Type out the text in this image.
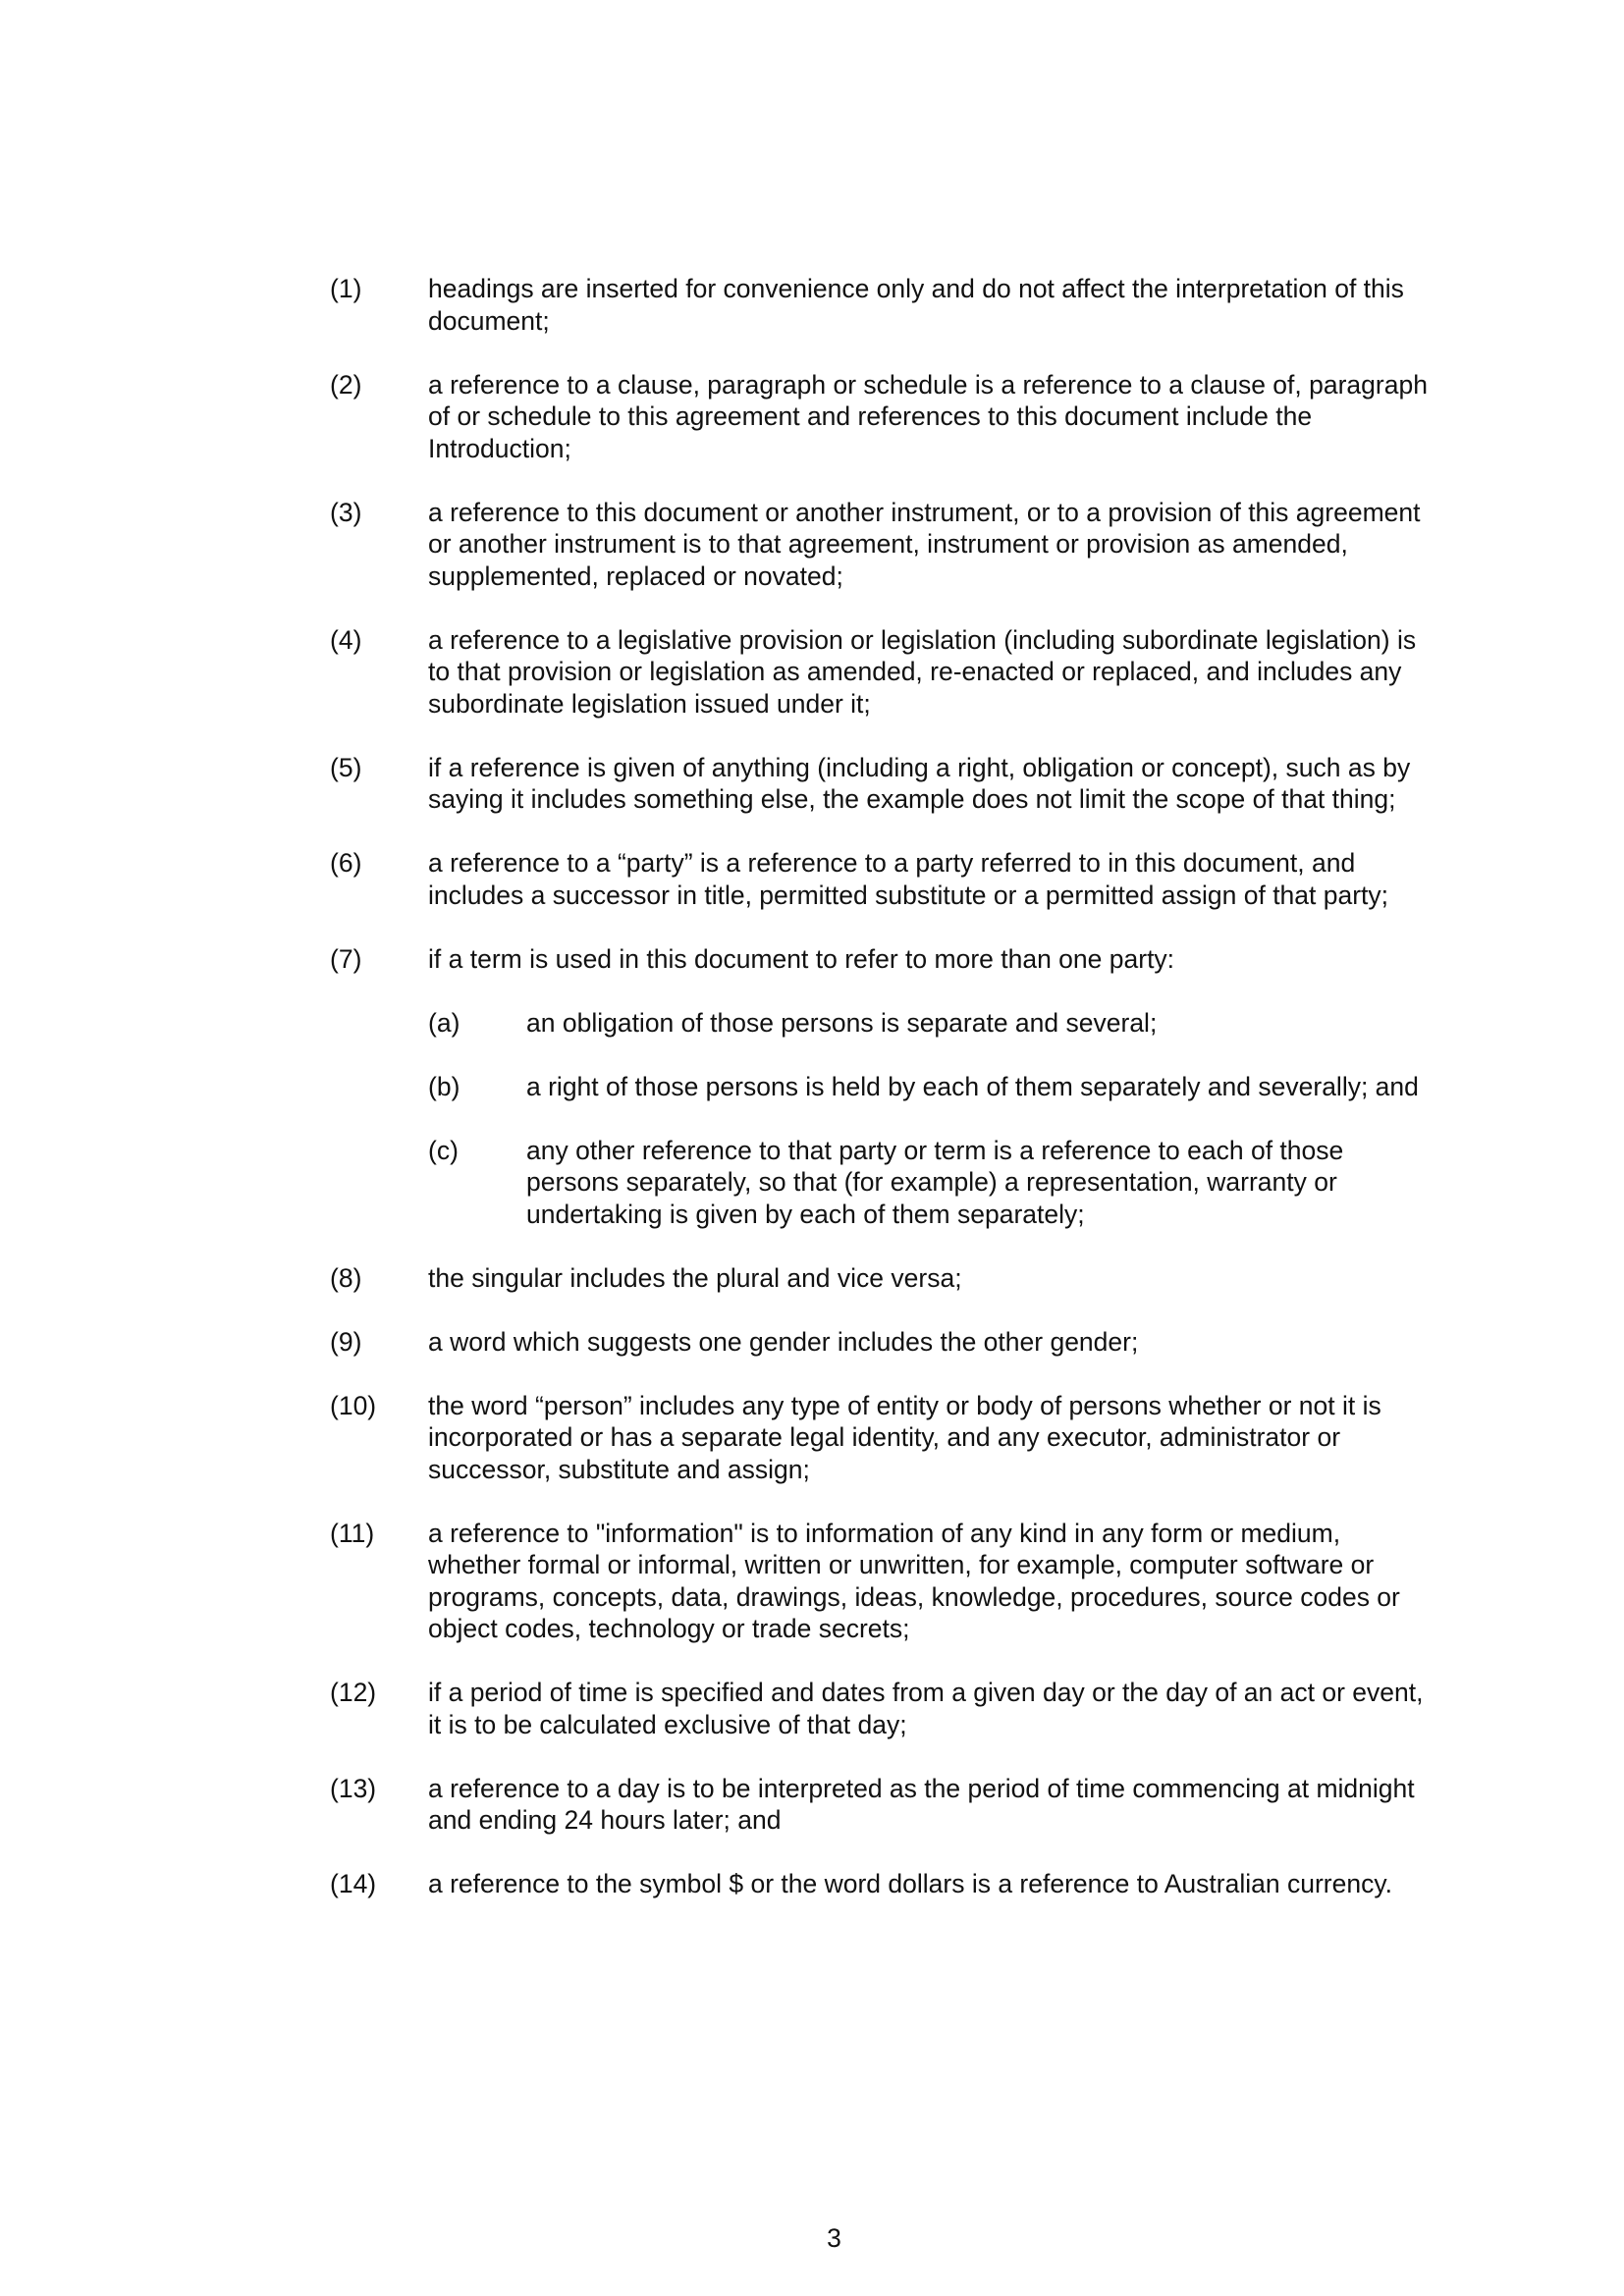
(1)	headings are inserted for convenience only and do not affect the interpretation of this document;
(2)	a reference to a clause, paragraph or schedule is a reference to a clause of, paragraph of or schedule to this agreement and references to this document include the Introduction;
(3)	a reference to this document or another instrument, or to a provision of this agreement or another instrument is to that agreement, instrument or provision as amended, supplemented, replaced or novated;
(4)	a reference to a legislative provision or legislation (including subordinate legislation) is to that provision or legislation as amended, re-enacted or replaced, and includes any subordinate legislation issued under it;
(5)	if a reference is given of anything (including a right, obligation or concept), such as by saying it includes something else, the example does not limit the scope of that thing;
(6)	a reference to a “party” is a reference to a party referred to in this document, and includes a successor in title, permitted substitute or a permitted assign of that party;
(7)	if a term is used in this document to refer to more than one party:
(a)	an obligation of those persons is separate and several;
(b)	a right of those persons is held by each of them separately and severally; and
(c)	any other reference to that party or term is a reference to each of those persons separately, so that (for example) a representation, warranty or undertaking is given by each of them separately;
(8)	the singular includes the plural and vice versa;
(9)	a word which suggests one gender includes the other gender;
(10) the word “person” includes any type of entity or body of persons whether or not it is incorporated or has a separate legal identity, and any executor, administrator or successor, substitute and assign;
(11) a reference to "information" is to information of any kind in any form or medium, whether formal or informal, written or unwritten, for example, computer software or programs, concepts, data, drawings, ideas, knowledge, procedures, source codes or object codes, technology or trade secrets;
(12) if a period of time is specified and dates from a given day or the day of an act or event, it is to be calculated exclusive of that day;
(13) a reference to a day is to be interpreted as the period of time commencing at midnight and ending 24 hours later; and
(14) a reference to the symbol $ or the word dollars is a reference to Australian currency.
3
